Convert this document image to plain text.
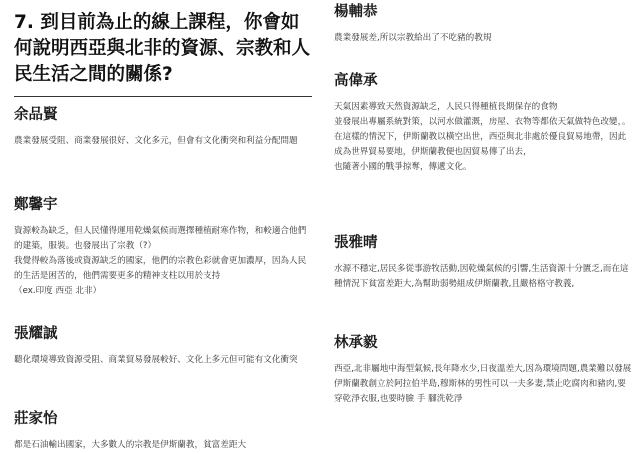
7. 到目前為止的線上課程，你會如何說明西亞與北非的資源、宗教和人民生活之間的關係?
余品賢
農業發展受阻、商業發展很好、文化多元，但會有文化衝突和利益分配問題
鄭馨宇
資源較為缺乏，但人民懂得運用乾燥氣候而選擇種植耐寒作物，和較適合他們的建築，服裝。也發展出了宗教（?）
我覺得較為落後或資源缺乏的國家，他們的宗教色彩就會更加濃厚，因為人民的生活是困苦的，他們需要更多的精神支柱以用於支持
（ex.印度 西亞 北非）
張耀誠
聽化環境導致資源受阻、商業貿易發展較好、文化上多元但可能有文化衝突
莊家怡
都是石油輸出國家，大多數人的宗教是伊斯蘭教，貧富差距大
楊輔恭
農業發展差,所以宗教給出了不吃豬的教規
高偉承
天氣因素導致天然資源缺乏，人民只得種植長期保存的食物
並發展出專屬系統對策，以河水做灌溉，房屋、衣物等都依天氣做特色改變，。
在這樣的情況下，伊斯蘭教以橫空出世，西亞與北非處於優良貿易地帶，因此成為世界貿易要地，伊斯蘭教便也因貿易傳了出去，
也隨著小國的戰爭掠奪，傳遞文化。
張雅晴
水源不穩定,居民多從事游牧活動,因乾燥氣候的引響,生活資源十分匱乏,而在這種情況下貧富差距大,為幫助弱勢組成伊斯蘭教,且嚴格格守教義,
林承毅
西亞,北非屬地中海型氣候,長年降水少,日夜溫差大,因為環境問題,農業難以發展
伊斯蘭教創立於阿拉伯半島,穆斯林的男性可以一夫多妻,禁止吃腐肉和豬肉,要穿乾淨衣服,也要時臉 手 腳洗乾淨
